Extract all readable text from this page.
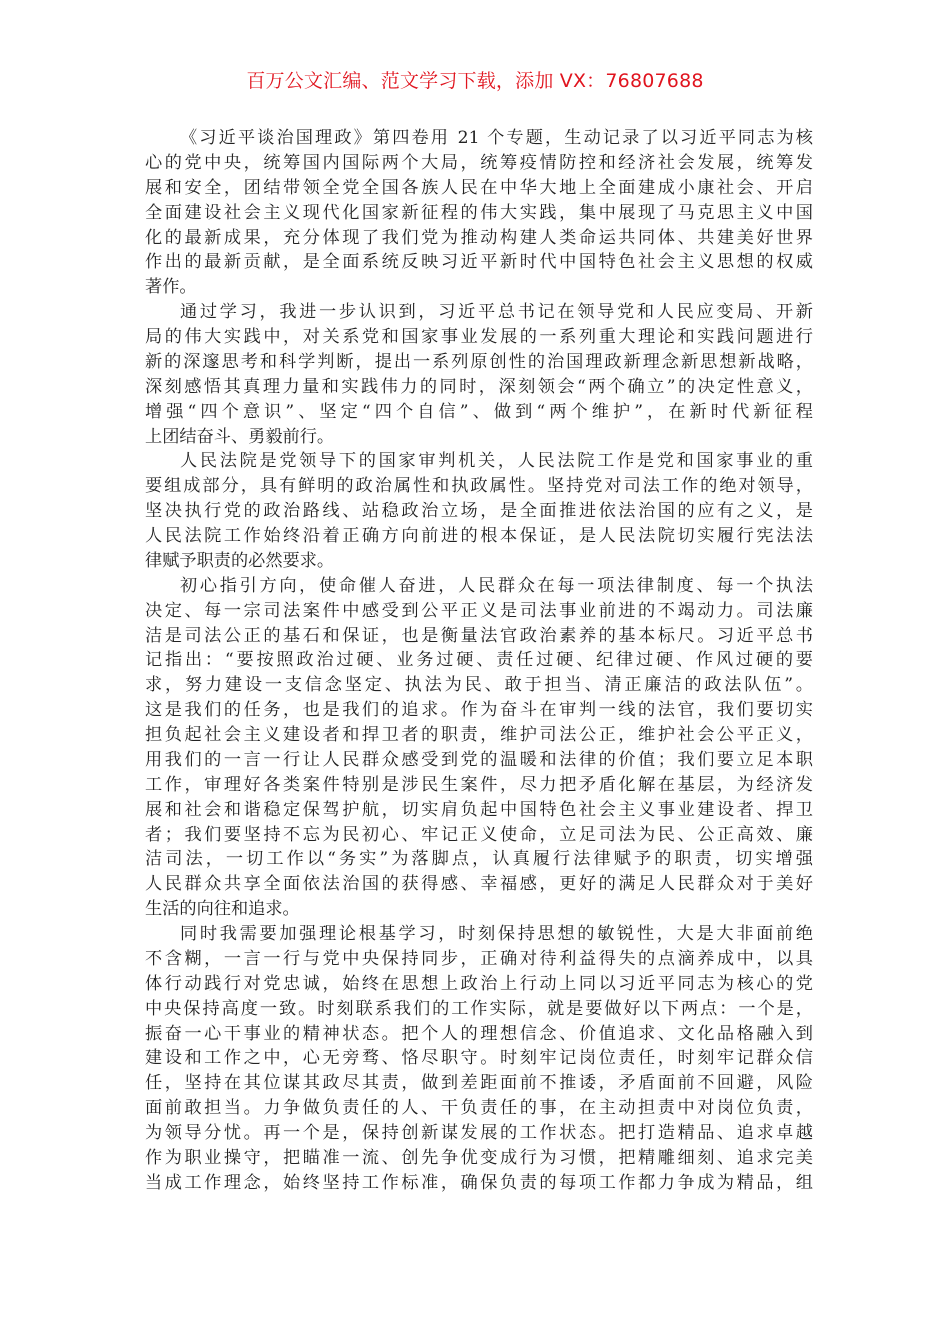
百万公文汇编、范文学习下载，添加 VX：76807688
《习近平谈治国理政》第四卷用 21 个专题，生动记录了以习近平同志为核
心的党中央，统筹国内国际两个大局，统筹疫情防控和经济社会发展，统筹发
展和安全，团结带领全党全国各族人民在中华大地上全面建成小康社会、开启
全面建设社会主义现代化国家新征程的伟大实践，集中展现了马克思主义中国
化的最新成果，充分体现了我们党为推动构建人类命运共同体、共建美好世界
作出的最新贡献，是全面系统反映习近平新时代中国特色社会主义思想的权威
著作。
通过学习，我进一步认识到，习近平总书记在领导党和人民应变局、开新
局的伟大实践中，对关系党和国家事业发展的一系列重大理论和实践问题进行
新的深邃思考和科学判断，提出一系列原创性的治国理政新理念新思想新战略，
深刻感悟其真理力量和实践伟力的同时，深刻领会“两个确立”的决定性意义，
增强“四个意识”、坚定“四个自信”、做到“两个维护”，在新时代新征程
上团结奋斗、勇毅前行。
人民法院是党领导下的国家审判机关，人民法院工作是党和国家事业的重
要组成部分，具有鲜明的政治属性和执政属性。坚持党对司法工作的绝对领导，
坚决执行党的政治路线、站稳政治立场，是全面推进依法治国的应有之义，是
人民法院工作始终沿着正确方向前进的根本保证，是人民法院切实履行宪法法
律赋予职责的必然要求。
初心指引方向，使命催人奋进，人民群众在每一项法律制度、每一个执法
决定、每一宗司法案件中感受到公平正义是司法事业前进的不竭动力。司法廉
洁是司法公正的基石和保证，也是衡量法官政治素养的基本标尺。习近平总书
记指出：“要按照政治过硬、业务过硬、责任过硬、纪律过硬、作风过硬的要
求，努力建设一支信念坚定、执法为民、敢于担当、清正廉洁的政法队伍”。
这是我们的任务，也是我们的追求。作为奋斗在审判一线的法官，我们要切实
担负起社会主义建设者和捍卫者的职责，维护司法公正，维护社会公平正义，
用我们的一言一行让人民群众感受到党的温暖和法律的价值；我们要立足本职
工作，审理好各类案件特别是涉民生案件，尽力把矛盾化解在基层，为经济发
展和社会和谐稳定保驾护航，切实肩负起中国特色社会主义事业建设者、捍卫
者；我们要坚持不忘为民初心、牢记正义使命，立足司法为民、公正高效、廉
洁司法，一切工作以“务实”为落脚点，认真履行法律赋予的职责，切实增强
人民群众共享全面依法治国的获得感、幸福感，更好的满足人民群众对于美好
生活的向往和追求。
同时我需要加强理论根基学习，时刻保持思想的敏锐性，大是大非面前绝
不含糊，一言一行与党中央保持同步，正确对待利益得失的点滴养成中，以具
体行动践行对党忠诚，始终在思想上政治上行动上同以习近平同志为核心的党
中央保持高度一致。时刻联系我们的工作实际，就是要做好以下两点：一个是，
振奋一心干事业的精神状态。把个人的理想信念、价值追求、文化品格融入到
建设和工作之中，心无旁骛、恪尽职守。时刻牢记岗位责任，时刻牢记群众信
任，坚持在其位谋其政尽其责，做到差距面前不推诿，矛盾面前不回避，风险
面前敢担当。力争做负责任的人、干负责任的事，在主动担责中对岗位负责，
为领导分忧。再一个是，保持创新谋发展的工作状态。把打造精品、追求卓越
作为职业操守，把瞄准一流、创先争优变成行为习惯，把精雕细刻、追求完美
当成工作理念，始终坚持工作标准，确保负责的每项工作都力争成为精品，组
